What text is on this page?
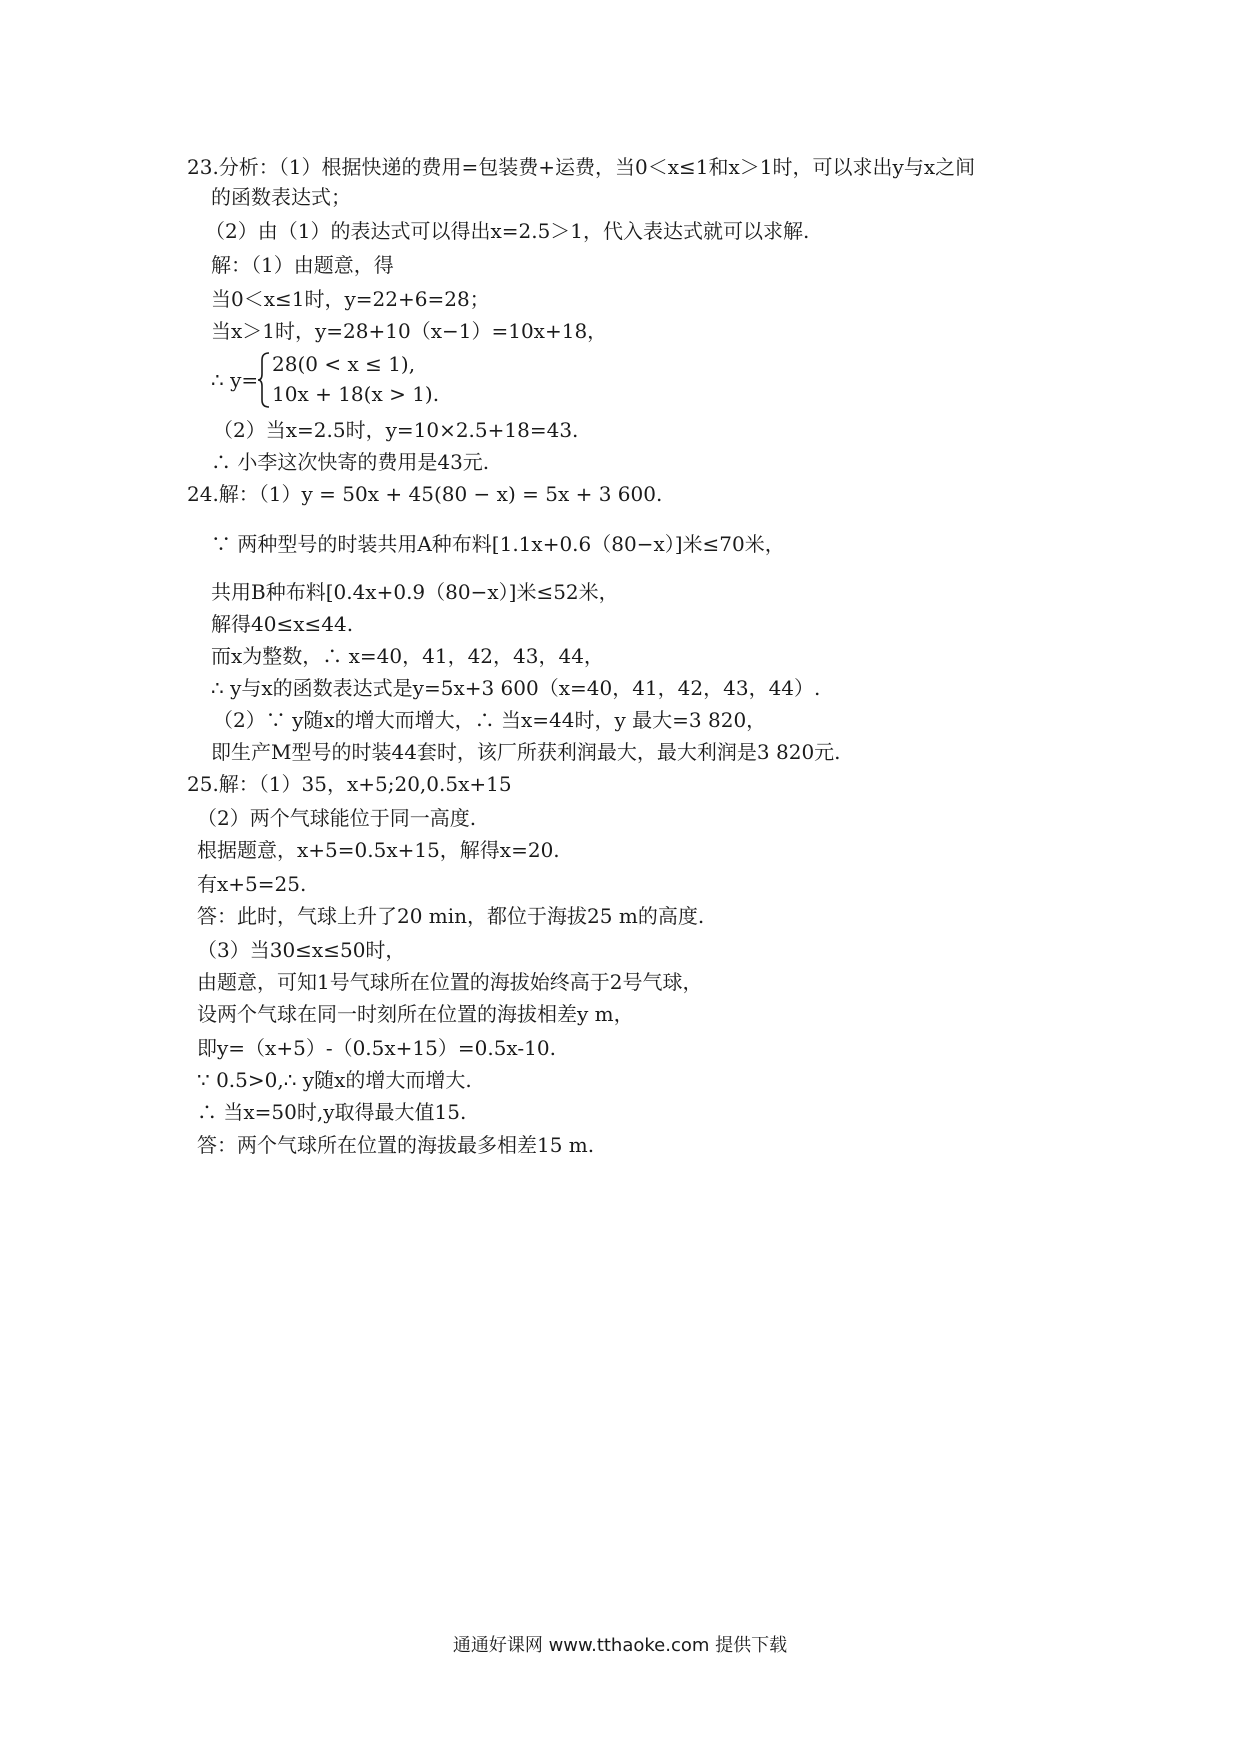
23.分析：（1）根据快递的费用=包装费+运费，当0＜x≤1和x＞1时，可以求出y与x之间
的函数表达式；
（2）由（1）的表达式可以得出x=2.5＞1，代入表达式就可以求解.
解：（1）由题意，得
当0＜x≤1时，y=22+6=28；
当x＞1时，y=28+10（x−1）=10x+18，
∴ y=
28(0 < x ≤ 1),
10x + 18(x > 1).
（2）当x=2.5时，y=10×2.5+18=43.
∴ 小李这次快寄的费用是43元.
24.解：（1）y = 50x + 45(80 − x) = 5x + 3 600.
∵ 两种型号的时装共用A种布料[1.1x+0.6（80−x）]米≤70米，
共用B种布料[0.4x+0.9（80−x）]米≤52米，
解得40≤x≤44.
而x为整数，∴ x=40，41，42，43，44，
∴ y与x的函数表达式是y=5x+3 600（x=40，41，42，43，44）.
（2）∵ y随x的增大而增大，∴ 当x=44时，y 最大=3 820，
即生产M型号的时装44套时，该厂所获利润最大，最大利润是3 820元.
25.解：（1）35，x+5;20,0.5x+15
（2）两个气球能位于同一高度.
根据题意，x+5=0.5x+15，解得x=20.
有x+5=25.
答：此时，气球上升了20 min，都位于海拔25 m的高度.
（3）当30≤x≤50时，
由题意，可知1号气球所在位置的海拔始终高于2号气球，
设两个气球在同一时刻所在位置的海拔相差y m，
即y=（x+5）-（0.5x+15）=0.5x-10.
∵ 0.5>0,∴ y随x的增大而增大.
∴ 当x=50时,y取得最大值15.
答：两个气球所在位置的海拔最多相差15 m.
通通好课网 www.tthaoke.com 提供下载
